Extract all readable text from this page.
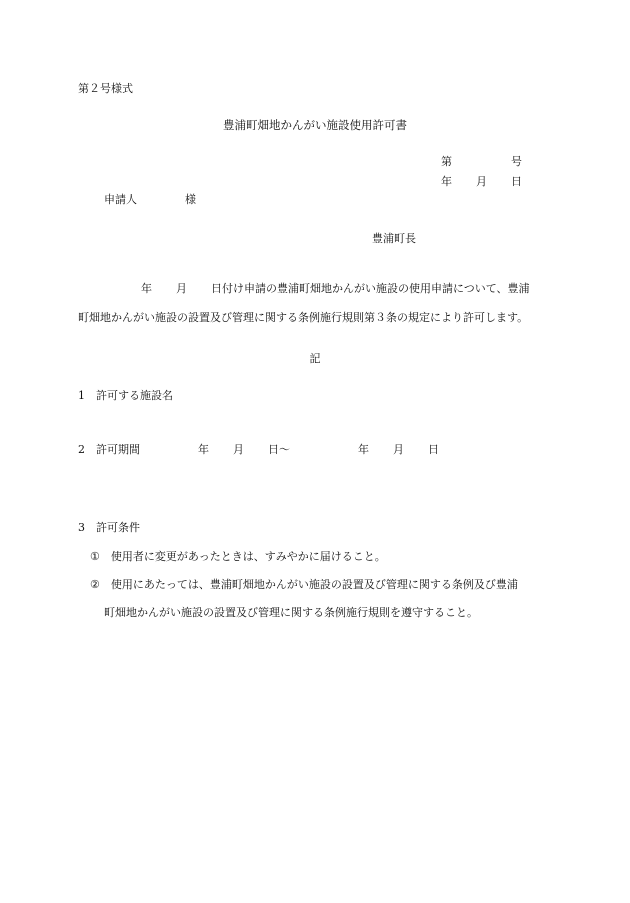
第２号様式
豊浦町畑地かんがい施設使用許可書
第	号
年 月 日
申請人	様
豊浦町長
年 月 日付け申請の豊浦町畑地かんがい施設の使用申請について、豊浦
町畑地かんがい施設の設置及び管理に関する条例施行規則第３条の規定により許可します。
記
1 許可する施設名
2 許可期間	年 月 日～	年 月 日
3 許可条件
① 使用者に変更があったときは、すみやかに届けること。
② 使用にあたっては、豊浦町畑地かんがい施設の設置及び管理に関する条例及び豊浦
町畑地かんがい施設の設置及び管理に関する条例施行規則を遵守すること。
